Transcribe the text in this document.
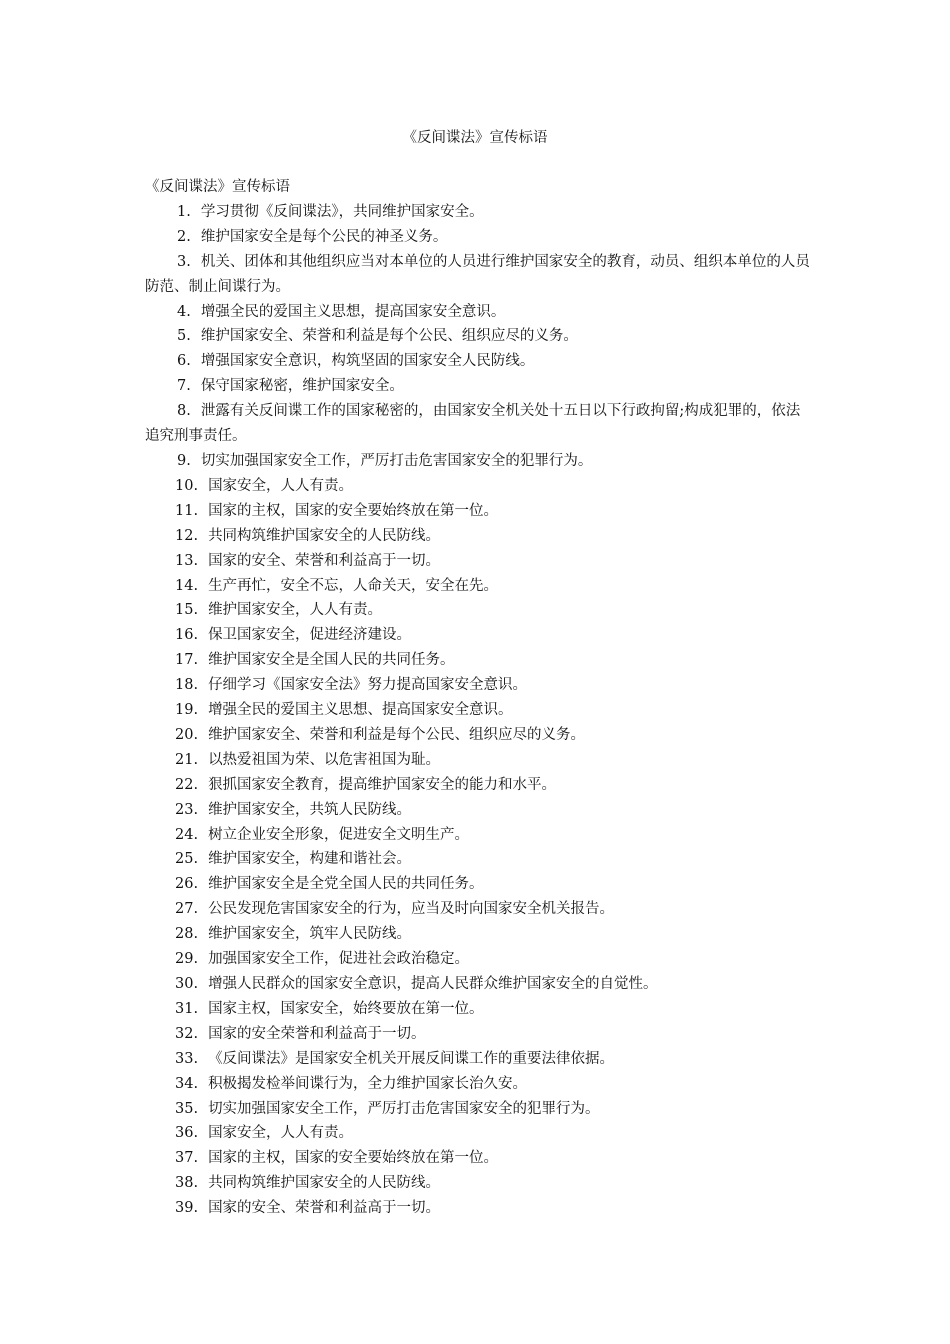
《反间谍法》宣传标语
《反间谍法》宣传标语
1. 学习贯彻《反间谍法》，共同维护国家安全。
2. 维护国家安全是每个公民的神圣义务。
3. 机关、团体和其他组织应当对本单位的人员进行维护国家安全的教育，动员、组织本单位的人员防范、制止间谍行为。
4. 增强全民的爱国主义思想，提高国家安全意识。
5. 维护国家安全、荣誉和利益是每个公民、组织应尽的义务。
6. 增强国家安全意识，构筑坚固的国家安全人民防线。
7. 保守国家秘密，维护国家安全。
8. 泄露有关反间谍工作的国家秘密的，由国家安全机关处十五日以下行政拘留;构成犯罪的，依法追究刑事责任。
9. 切实加强国家安全工作，严厉打击危害国家安全的犯罪行为。
10. 国家安全，人人有责。
11. 国家的主权，国家的安全要始终放在第一位。
12. 共同构筑维护国家安全的人民防线。
13. 国家的安全、荣誉和利益高于一切。
14. 生产再忙，安全不忘，人命关天，安全在先。
15. 维护国家安全，人人有责。
16. 保卫国家安全，促进经济建设。
17. 维护国家安全是全国人民的共同任务。
18. 仔细学习《国家安全法》努力提高国家安全意识。
19. 增强全民的爱国主义思想、提高国家安全意识。
20. 维护国家安全、荣誉和利益是每个公民、组织应尽的义务。
21. 以热爱祖国为荣、以危害祖国为耻。
22. 狠抓国家安全教育，提高维护国家安全的能力和水平。
23. 维护国家安全，共筑人民防线。
24. 树立企业安全形象，促进安全文明生产。
25. 维护国家安全，构建和谐社会。
26. 维护国家安全是全党全国人民的共同任务。
27. 公民发现危害国家安全的行为，应当及时向国家安全机关报告。
28. 维护国家安全，筑牢人民防线。
29. 加强国家安全工作，促进社会政治稳定。
30. 增强人民群众的国家安全意识，提高人民群众维护国家安全的自觉性。
31. 国家主权，国家安全，始终要放在第一位。
32. 国家的安全荣誉和利益高于一切。
33. 《反间谍法》是国家安全机关开展反间谍工作的重要法律依据。
34. 积极揭发检举间谍行为，全力维护国家长治久安。
35. 切实加强国家安全工作，严厉打击危害国家安全的犯罪行为。
36. 国家安全，人人有责。
37. 国家的主权，国家的安全要始终放在第一位。
38. 共同构筑维护国家安全的人民防线。
39. 国家的安全、荣誉和利益高于一切。
